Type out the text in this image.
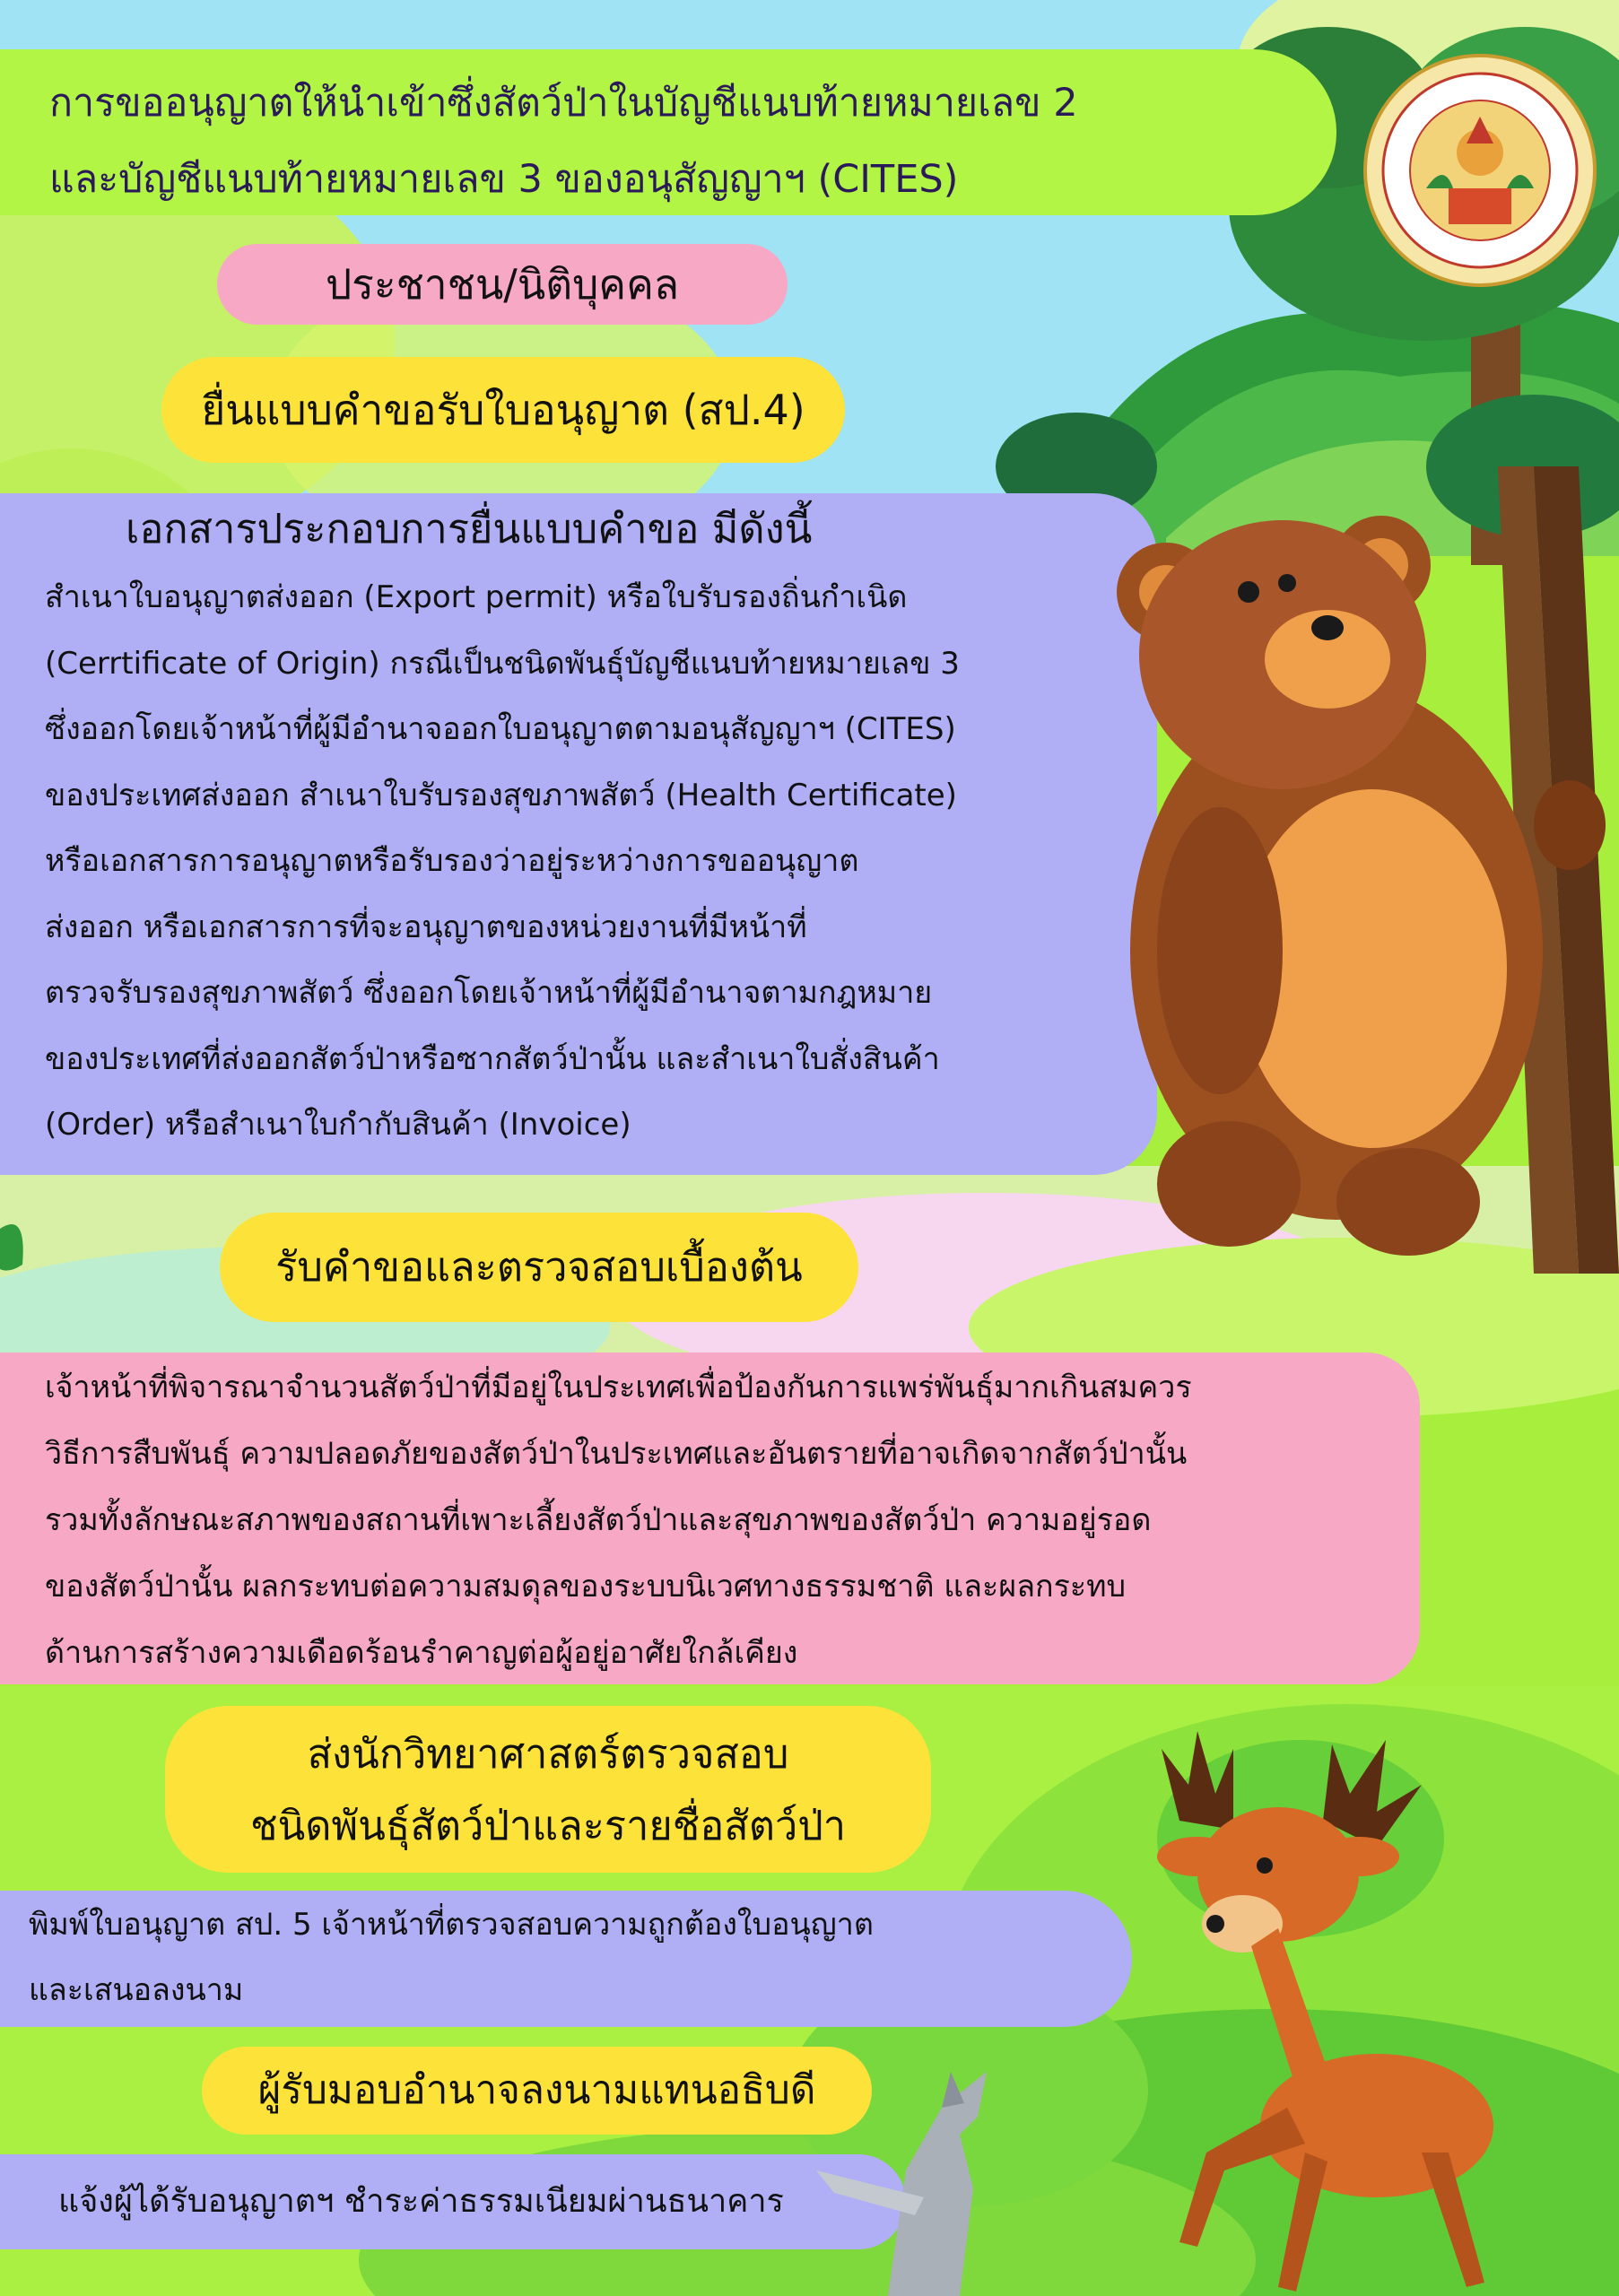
การขออนุญาตให้นำเข้าซึ่งสัตว์ป่าในบัญชีแนบท้ายหมายเลข 2
และบัญชีแนบท้ายหมายเลข 3 ของอนุสัญญาฯ (CITES)
ประชาชน/นิติบุคคล
ยื่นแบบคำขอรับใบอนุญาต (สป.4)
เอกสารประกอบการยื่นแบบคำขอ มีดังนี้
สำเนาใบอนุญาตส่งออก (Export permit) หรือใบรับรองถิ่นกำเนิด
(Cerrtificate of Origin) กรณีเป็นชนิดพันธุ์บัญชีแนบท้ายหมายเลข 3
ซึ่งออกโดยเจ้าหน้าที่ผู้มีอำนาจออกใบอนุญาตตามอนุสัญญาฯ (CITES)
ของประเทศส่งออก สำเนาใบรับรองสุขภาพสัตว์ (Health Certificate)
หรือเอกสารการอนุญาตหรือรับรองว่าอยู่ระหว่างการขออนุญาต
ส่งออก หรือเอกสารการที่จะอนุญาตของหน่วยงานที่มีหน้าที่
ตรวจรับรองสุขภาพสัตว์ ซึ่งออกโดยเจ้าหน้าที่ผู้มีอำนาจตามกฎหมาย
ของประเทศที่ส่งออกสัตว์ป่าหรือซากสัตว์ป่านั้น และสำเนาใบสั่งสินค้า
(Order) หรือสำเนาใบกำกับสินค้า (Invoice)
รับคำขอและตรวจสอบเบื้องต้น
เจ้าหน้าที่พิจารณาจำนวนสัตว์ป่าที่มีอยู่ในประเทศเพื่อป้องกันการแพร่พันธุ์มากเกินสมควร
วิธีการสืบพันธุ์ ความปลอดภัยของสัตว์ป่าในประเทศและอันตรายที่อาจเกิดจากสัตว์ป่านั้น
รวมทั้งลักษณะสภาพของสถานที่เพาะเลี้ยงสัตว์ป่าและสุขภาพของสัตว์ป่า ความอยู่รอด
ของสัตว์ป่านั้น ผลกระทบต่อความสมดุลของระบบนิเวศทางธรรมชาติ และผลกระทบ
ด้านการสร้างความเดือดร้อนรำคาญต่อผู้อยู่อาศัยใกล้เคียง
ส่งนักวิทยาศาสตร์ตรวจสอบ
ชนิดพันธุ์สัตว์ป่าและรายชื่อสัตว์ป่า
พิมพ์ใบอนุญาต สป. 5 เจ้าหน้าที่ตรวจสอบความถูกต้องใบอนุญาต
และเสนอลงนาม
ผู้รับมอบอำนาจลงนามแทนอธิบดี
แจ้งผู้ได้รับอนุญาตฯ ชำระค่าธรรมเนียมผ่านธนาคาร
